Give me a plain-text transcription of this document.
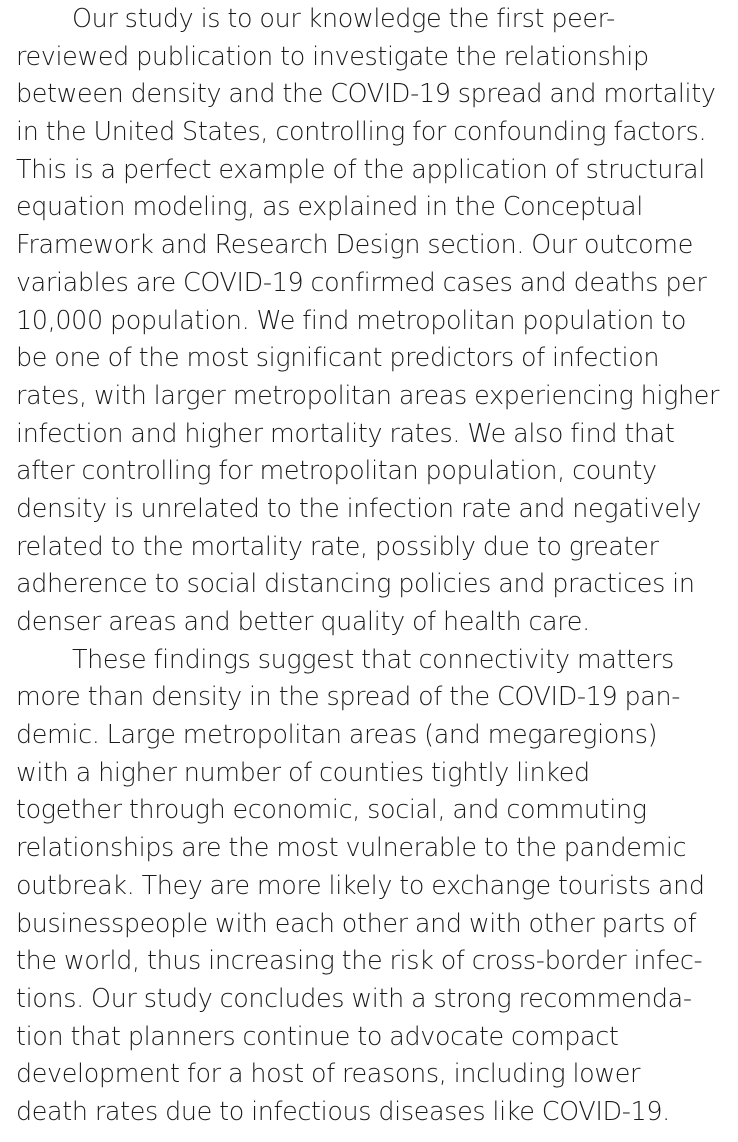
Our study is to our knowledge the first peer-
reviewed publication to investigate the relationship
between density and the COVID-19 spread and mortality
in the United States, controlling for confounding factors.
This is a perfect example of the application of structural
equation modeling, as explained in the Conceptual
Framework and Research Design section. Our outcome
variables are COVID-19 confirmed cases and deaths per
10,000 population. We find metropolitan population to
be one of the most significant predictors of infection
rates, with larger metropolitan areas experiencing higher
infection and higher mortality rates. We also find that
after controlling for metropolitan population, county
density is unrelated to the infection rate and negatively
related to the mortality rate, possibly due to greater
adherence to social distancing policies and practices in
denser areas and better quality of health care.
These findings suggest that connectivity matters
more than density in the spread of the COVID-19 pan-
demic. Large metropolitan areas (and megaregions)
with a higher number of counties tightly linked
together through economic, social, and commuting
relationships are the most vulnerable to the pandemic
outbreak. They are more likely to exchange tourists and
businesspeople with each other and with other parts of
the world, thus increasing the risk of cross-border infec-
tions. Our study concludes with a strong recommenda-
tion that planners continue to advocate compact
development for a host of reasons, including lower
death rates due to infectious diseases like COVID-19.
